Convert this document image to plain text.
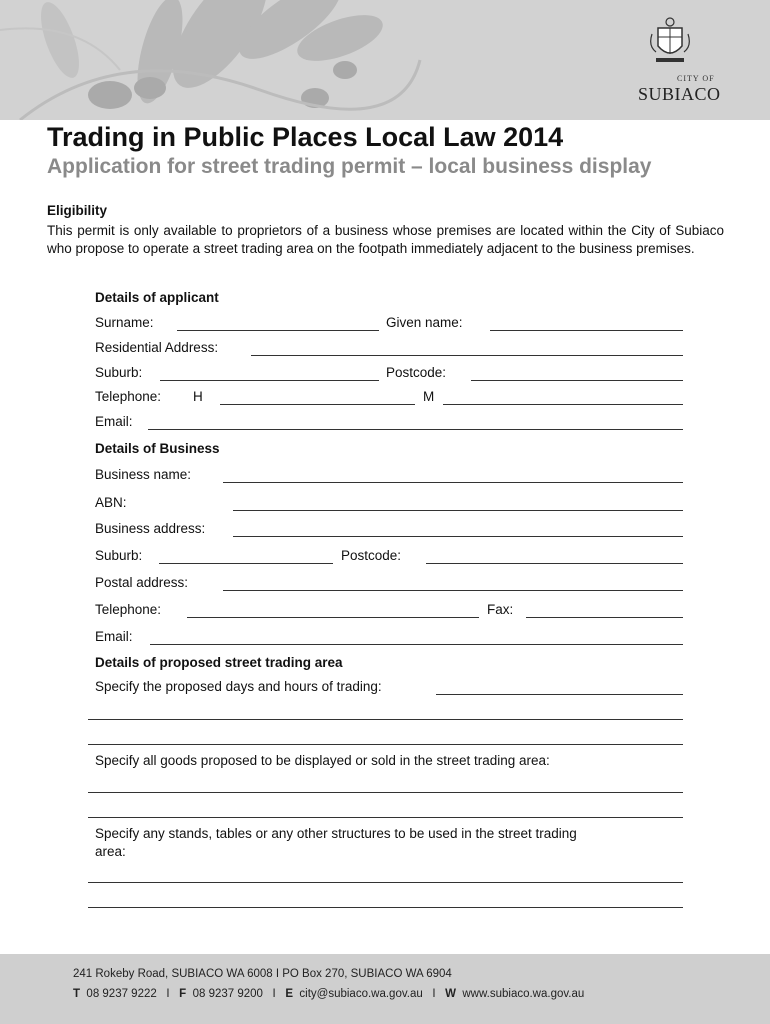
CITY OF
SUBIACO
Trading in Public Places Local Law 2014
Application for street trading permit – local business display
Eligibility

This permit is only available to proprietors of a business whose premises are located within the City of Subiaco who propose to operate a street trading area on the footpath immediately adjacent to the business premises.

Details of applicant
Surname:	Given name:
Residential Address:
Suburb:	Postcode:
Telephone: H	M
Email:
Details of Business
Business name:
ABN:
Business address:
Suburb:	Postcode:
Postal address:
Telephone:	Fax:
Email:
Details of proposed street trading area
Specify the proposed days and hours of trading:
Specify all goods proposed to be displayed or sold in the street trading area:
Specify any stands, tables or any other structures to be used in the street trading
area:
241 Rokeby Road, SUBIACO WA 6008 I PO Box 270, SUBIACO WA 6904
T 08 9237 9222 I F 08 9237 9200 I E city@subiaco.wa.gov.au I W www.subiaco.wa.gov.au
